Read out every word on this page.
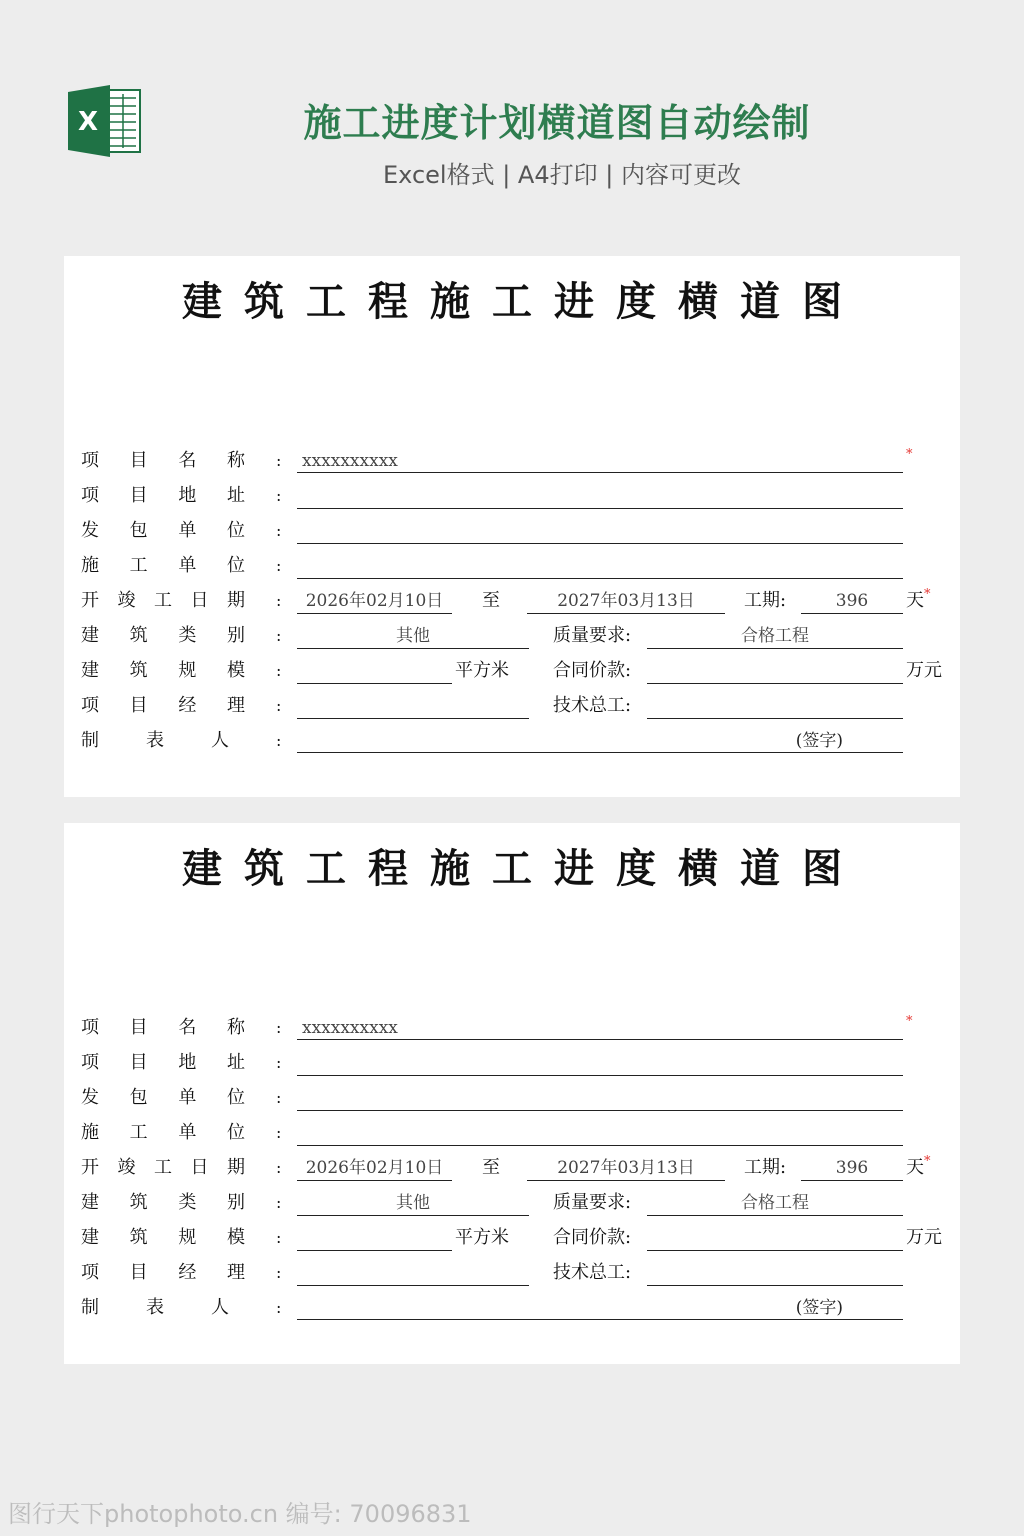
X	施工进度计划横道图自动绘制
Excel格式 | A4打印 | 内容可更改
建筑工程施工进度横道图
项目名称 : xxxxxxxxxx	*
项目地址 :
发包单位 :
施工单位 :
开竣工日期 :	2026年02月10日	至	2027年03月13日	工期:	396	天 *
建筑类别 :	其他	质量要求:	合格工程
建筑规模 :	平方米 合同价款:	万元
项目经理 :	技术总工:
制表人	:	(签字)
建筑工程施工进度横道图
项目名称 : xxxxxxxxxx	*
项目地址 :
发包单位 :
施工单位 :
开竣工日期 :	2026年02月10日	至	2027年03月13日	工期:	396	天 *
建筑类别 :	其他	质量要求:	合格工程
建筑规模 :	平方米 合同价款:	万元
项目经理 :	技术总工:
制表人	:	(签字)
图行天下photophoto.cn 编号: 70096831
